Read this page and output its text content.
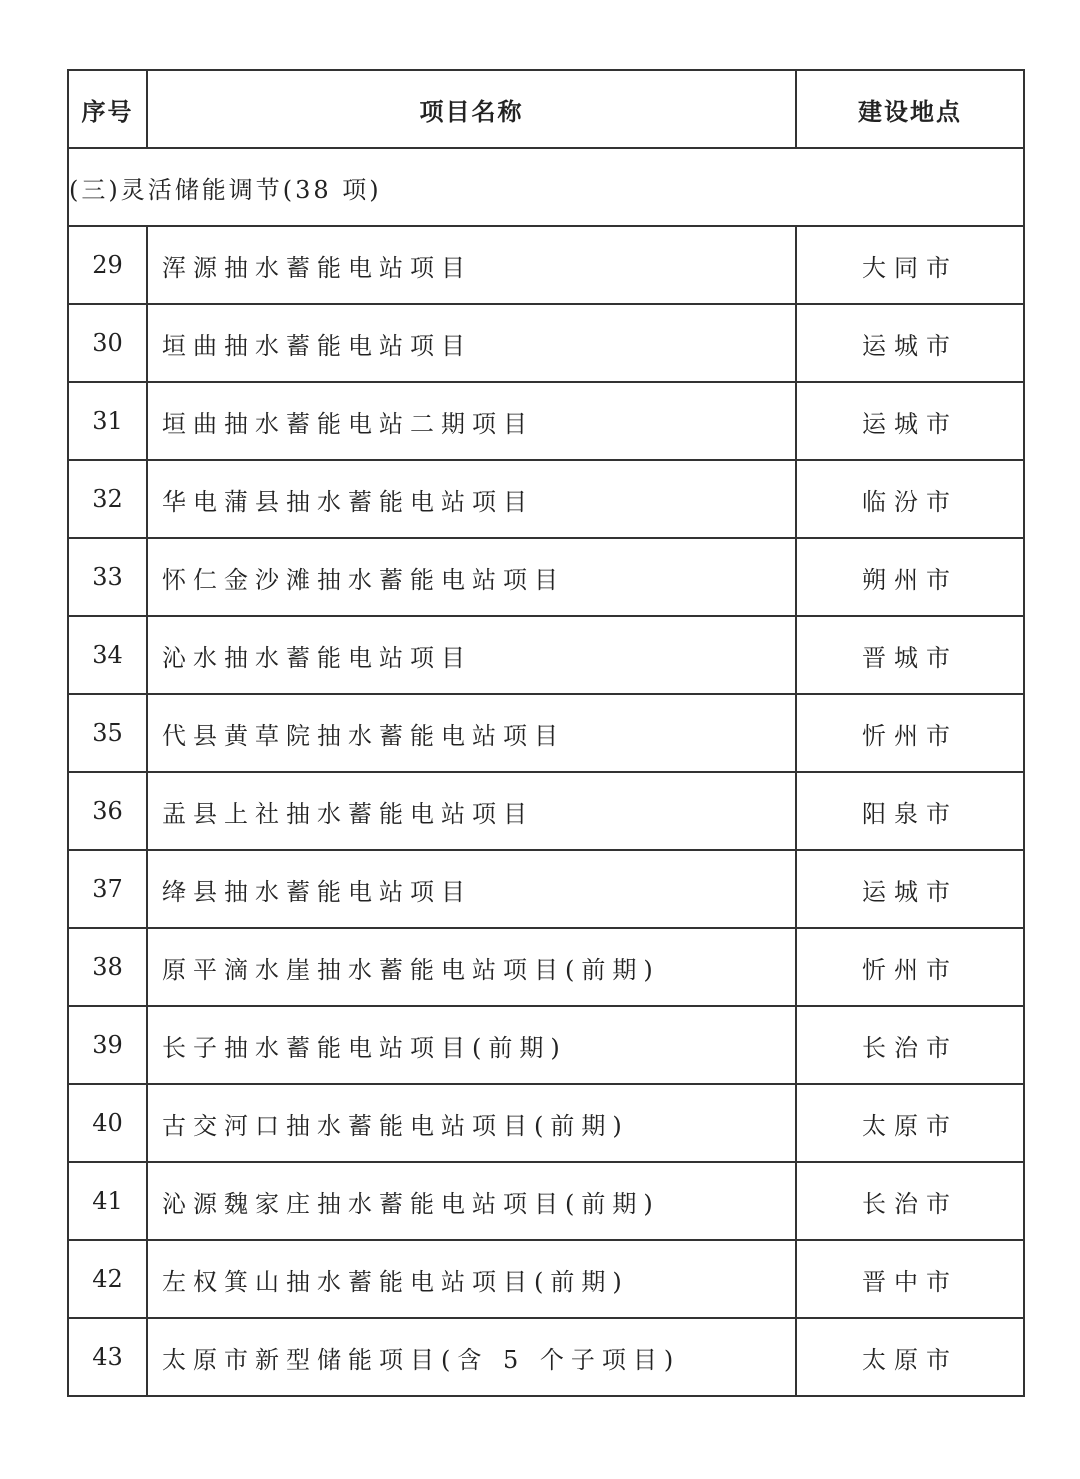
序号	项目名称	建设地点
(三)灵活储能调节(38 项)		
29	浑源抽水蓄能电站项目	大同市
30	垣曲抽水蓄能电站项目	运城市
31	垣曲抽水蓄能电站二期项目	运城市
32	华电蒲县抽水蓄能电站项目	临汾市
33	怀仁金沙滩抽水蓄能电站项目	朔州市
34	沁水抽水蓄能电站项目	晋城市
35	代县黄草院抽水蓄能电站项目	忻州市
36	盂县上社抽水蓄能电站项目	阳泉市
37	绛县抽水蓄能电站项目	运城市
38	原平滴水崖抽水蓄能电站项目(前期)	忻州市
39	长子抽水蓄能电站项目(前期)	长治市
40	古交河口抽水蓄能电站项目(前期)	太原市
41	沁源魏家庄抽水蓄能电站项目(前期)	长治市
42	左权箕山抽水蓄能电站项目(前期)	晋中市
43	太原市新型储能项目(含 5 个子项目)	太原市
